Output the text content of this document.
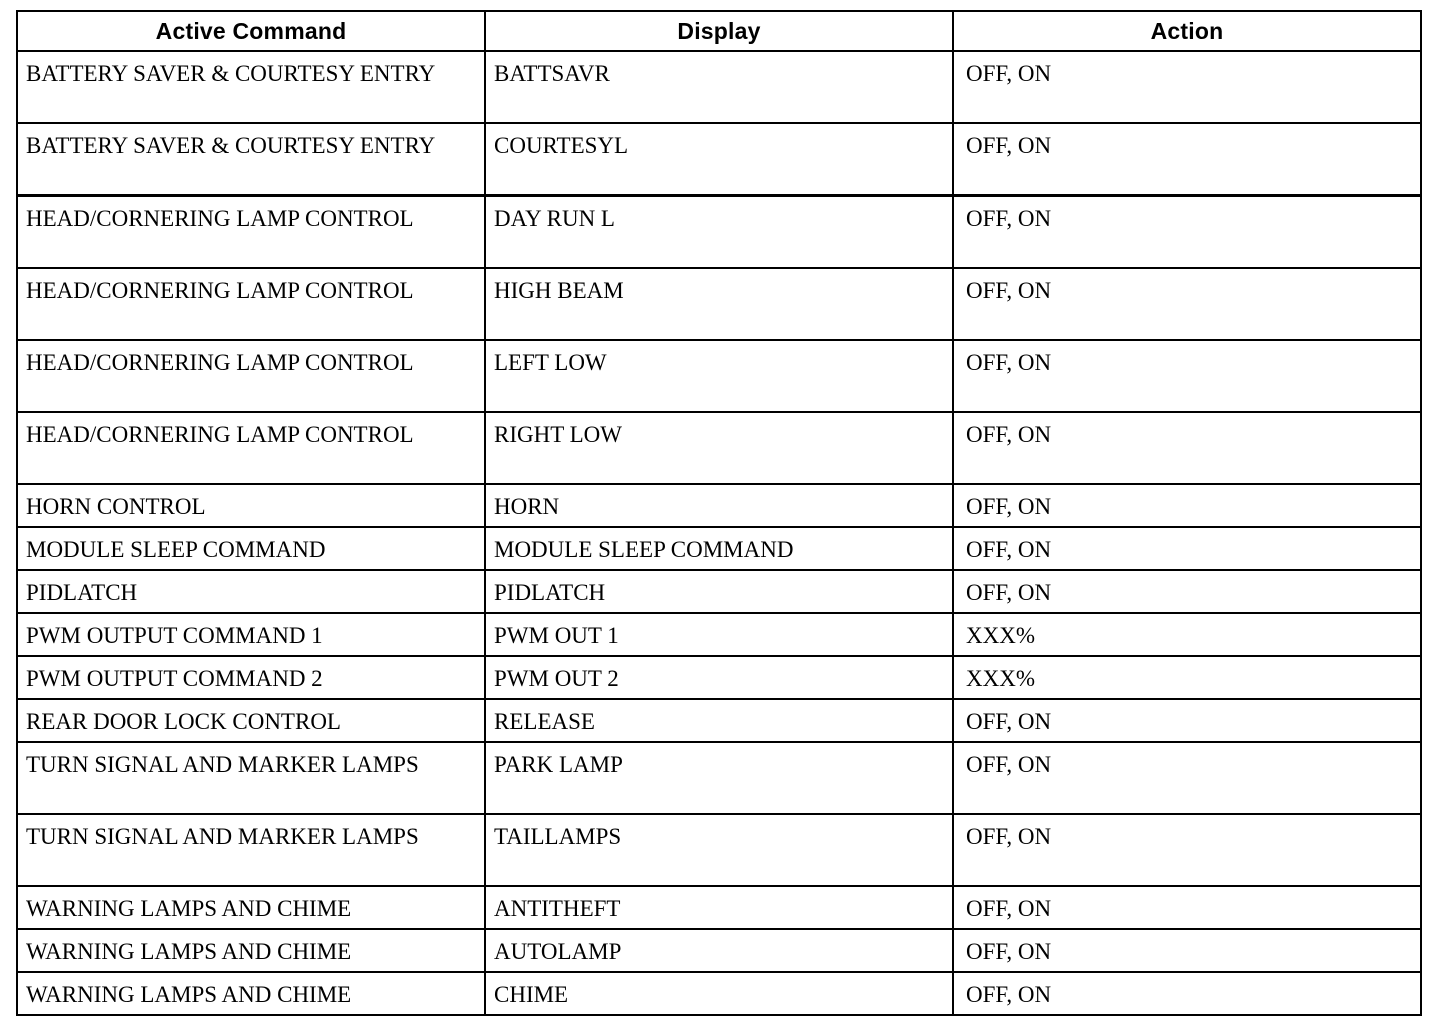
Active Command	Display	Action
BATTERY SAVER & COURTESY ENTRY	BATTSAVR	OFF, ON
BATTERY SAVER & COURTESY ENTRY	COURTESYL	OFF, ON
HEAD/CORNERING LAMP CONTROL	DAY RUN L	OFF, ON
HEAD/CORNERING LAMP CONTROL	HIGH BEAM	OFF, ON
HEAD/CORNERING LAMP CONTROL	LEFT LOW	OFF, ON
HEAD/CORNERING LAMP CONTROL	RIGHT LOW	OFF, ON
HORN CONTROL	HORN	OFF, ON
MODULE SLEEP COMMAND	MODULE SLEEP COMMAND	OFF, ON
PIDLATCH	PIDLATCH	OFF, ON
PWM OUTPUT COMMAND 1	PWM OUT 1	XXX%
PWM OUTPUT COMMAND 2	PWM OUT 2	XXX%
REAR DOOR LOCK CONTROL	RELEASE	OFF, ON
TURN SIGNAL AND MARKER LAMPS	PARK LAMP	OFF, ON
TURN SIGNAL AND MARKER LAMPS	TAILLAMPS	OFF, ON
WARNING LAMPS AND CHIME	ANTITHEFT	OFF, ON
WARNING LAMPS AND CHIME	AUTOLAMP	OFF, ON
WARNING LAMPS AND CHIME	CHIME	OFF, ON
